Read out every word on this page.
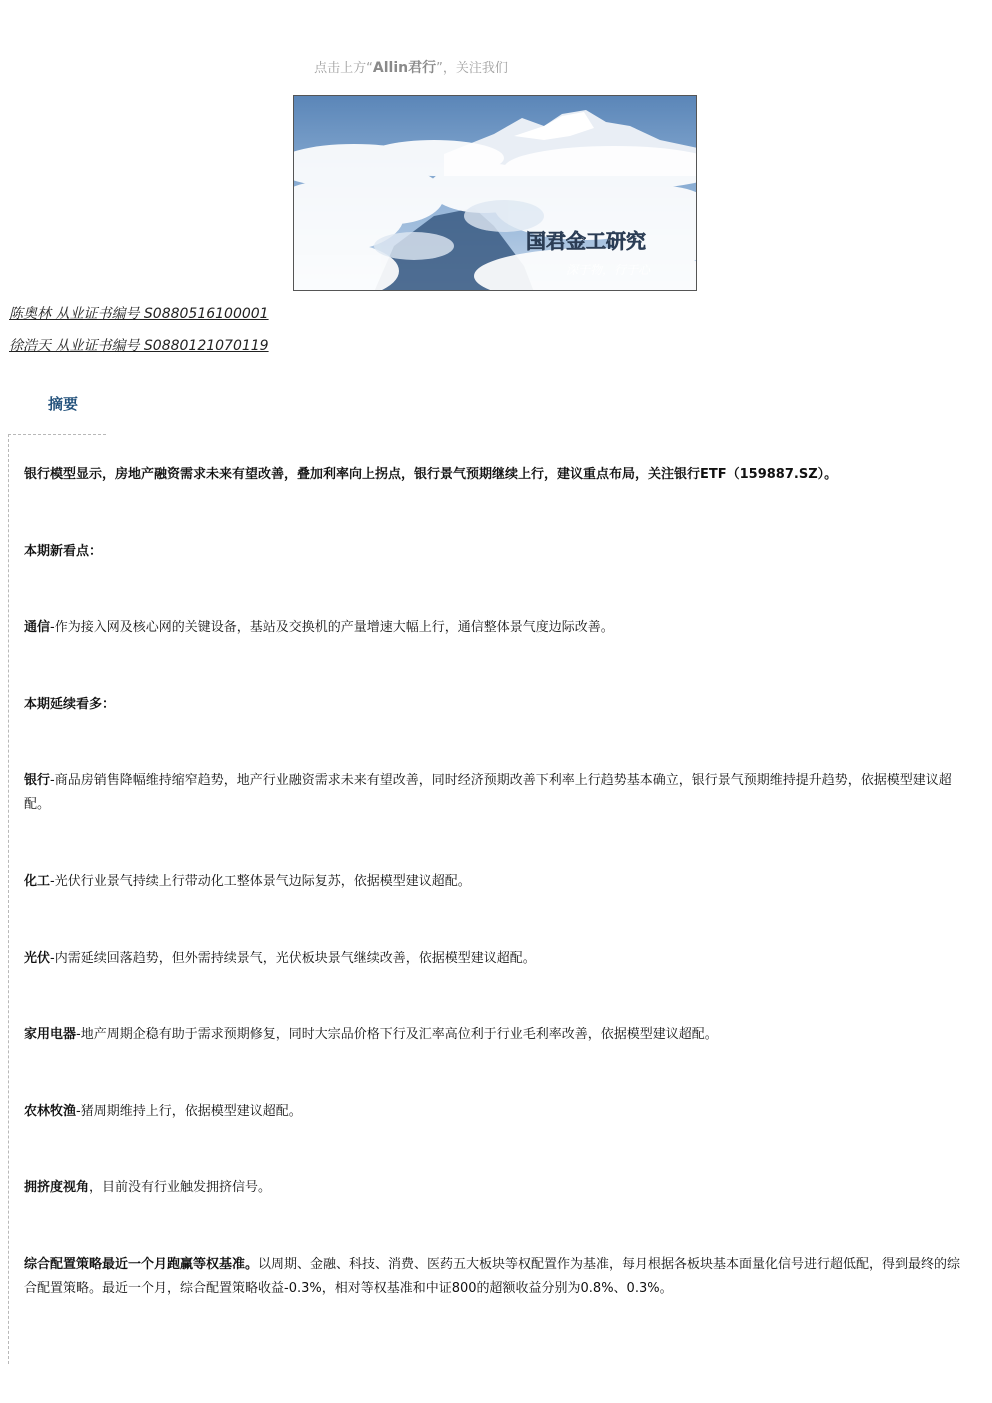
点击上方“Allin君行”，关注我们
国君金工研究
深于物，行于心
陈奥林 从业证书编号 S0880516100001
徐浩天 从业证书编号 S0880121070119
摘要
银行模型显示，房地产融资需求未来有望改善，叠加利率向上拐点，银行景气预期继续上行，建议重点布局，关注银行ETF（159887.SZ）。
本期新看点：
通信-作为接入网及核心网的关键设备，基站及交换机的产量增速大幅上行，通信整体景气度边际改善。
本期延续看多：
银行-商品房销售降幅维持缩窄趋势，地产行业融资需求未来有望改善，同时经济预期改善下利率上行趋势基本确立，银行景气预期维持提升趋势，依据模型建议超配。
化工-光伏行业景气持续上行带动化工整体景气边际复苏，依据模型建议超配。
光伏-内需延续回落趋势，但外需持续景气，光伏板块景气继续改善，依据模型建议超配。
家用电器-地产周期企稳有助于需求预期修复，同时大宗品价格下行及汇率高位利于行业毛利率改善，依据模型建议超配。
农林牧渔-猪周期维持上行，依据模型建议超配。
拥挤度视角，目前没有行业触发拥挤信号。
综合配置策略最近一个月跑赢等权基准。以周期、金融、科技、消费、医药五大板块等权配置作为基准，每月根据各板块基本面量化信号进行超低配，得到最终的综合配置策略。最近一个月，综合配置策略收益-0.3%，相对等权基准和中证800的超额收益分别为0.8%、0.3%。
